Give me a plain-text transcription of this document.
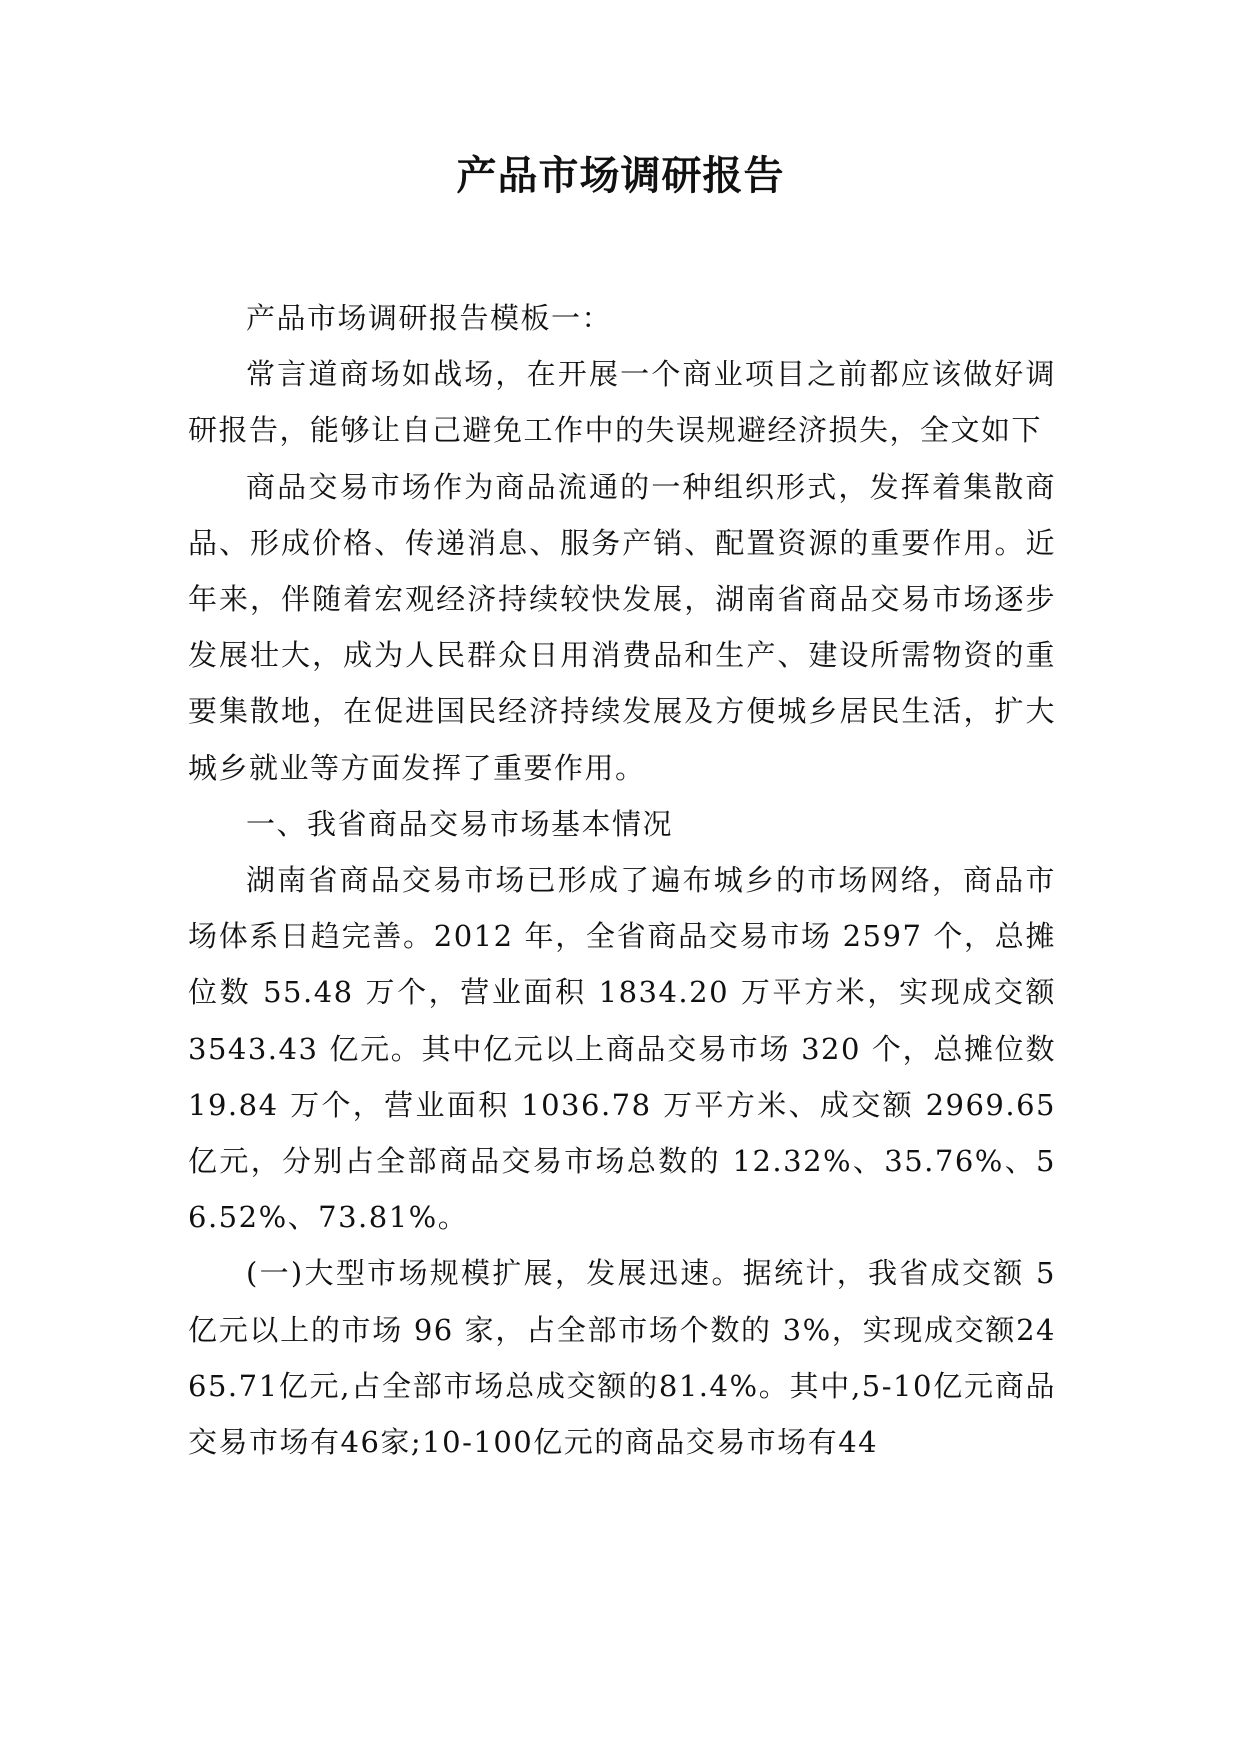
产品市场调研报告

产品市场调研报告模板一：

常言道商场如战场，在开展一个商业项目之前都应该做好调研报告，能够让自己避免工作中的失误规避经济损失，全文如下

商品交易市场作为商品流通的一种组织形式，发挥着集散商品、形成价格、传递消息、服务产销、配置资源的重要作用。近年来，伴随着宏观经济持续较快发展，湖南省商品交易市场逐步发展壮大，成为人民群众日用消费品和生产、建设所需物资的重要集散地，在促进国民经济持续发展及方便城乡居民生活，扩大城乡就业等方面发挥了重要作用。

一、我省商品交易市场基本情况

湖南省商品交易市场已形成了遍布城乡的市场网络，商品市场体系日趋完善。2012 年，全省商品交易市场 2597 个，总摊位数 55.48 万个，营业面积 1834.20 万平方米，实现成交额 3543.43 亿元。其中亿元以上商品交易市场 320 个，总摊位数 19.84 万个，营业面积 1036.78 万平方米、成交额 2969.65 亿元，分别占全部商品交易市场总数的 12.32%、35.76%、56.52%、73.81%。

(一)大型市场规模扩展，发展迅速。据统计，我省成交额 5 亿元以上的市场 96 家，占全部市场个数的 3%，实现成交额2465.71亿元,占全部市场总成交额的81.4%。其中,5-10亿元商品交易市场有46家;10-100亿元的商品交易市场有44
